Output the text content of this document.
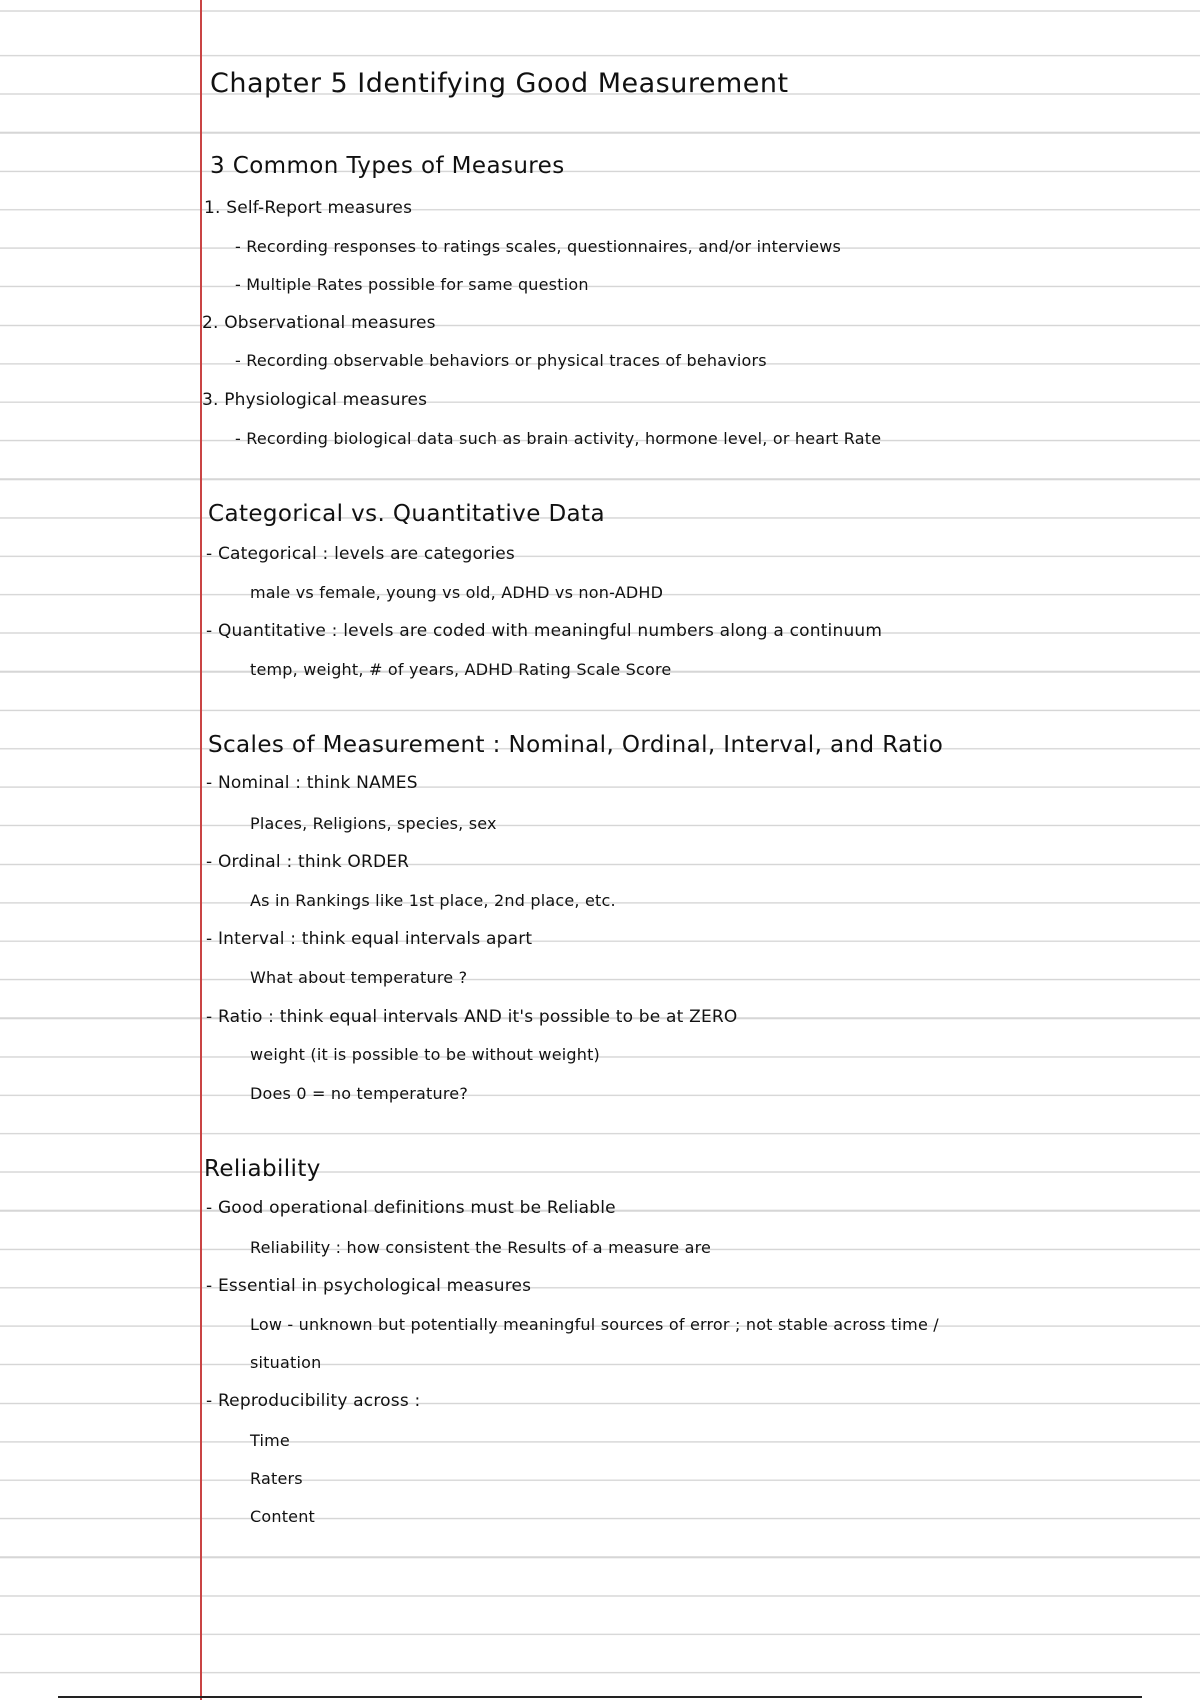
Chapter 5 Identifying Good Measurement
3 Common Types of Measures
1. Self-Report measures
- Recording responses to ratings scales, questionnaires, and/or interviews
- Multiple Rates possible for same question
2. Observational measures
- Recording observable behaviors or physical traces of behaviors
3. Physiological measures
- Recording biological data such as brain activity, hormone level, or heart Rate
Categorical vs. Quantitative Data
- Categorical : levels are categories
male vs female, young vs old, ADHD vs non-ADHD
- Quantitative : levels are coded with meaningful numbers along a continuum
temp, weight, # of years, ADHD Rating Scale Score
Scales of Measurement : Nominal, Ordinal, Interval, and Ratio
- Nominal : think NAMES
Places, Religions, species, sex
- Ordinal : think ORDER
As in Rankings like 1st place, 2nd place, etc.
- Interval : think equal intervals apart
What about temperature ?
- Ratio : think equal intervals AND it's possible to be at ZERO
weight (it is possible to be without weight)
Does 0 = no temperature?
Reliability
- Good operational definitions must be Reliable
Reliability : how consistent the Results of a measure are
- Essential in psychological measures
Low - unknown but potentially meaningful sources of error ; not stable across time /
situation
- Reproducibility across :
Time
Raters
Content
